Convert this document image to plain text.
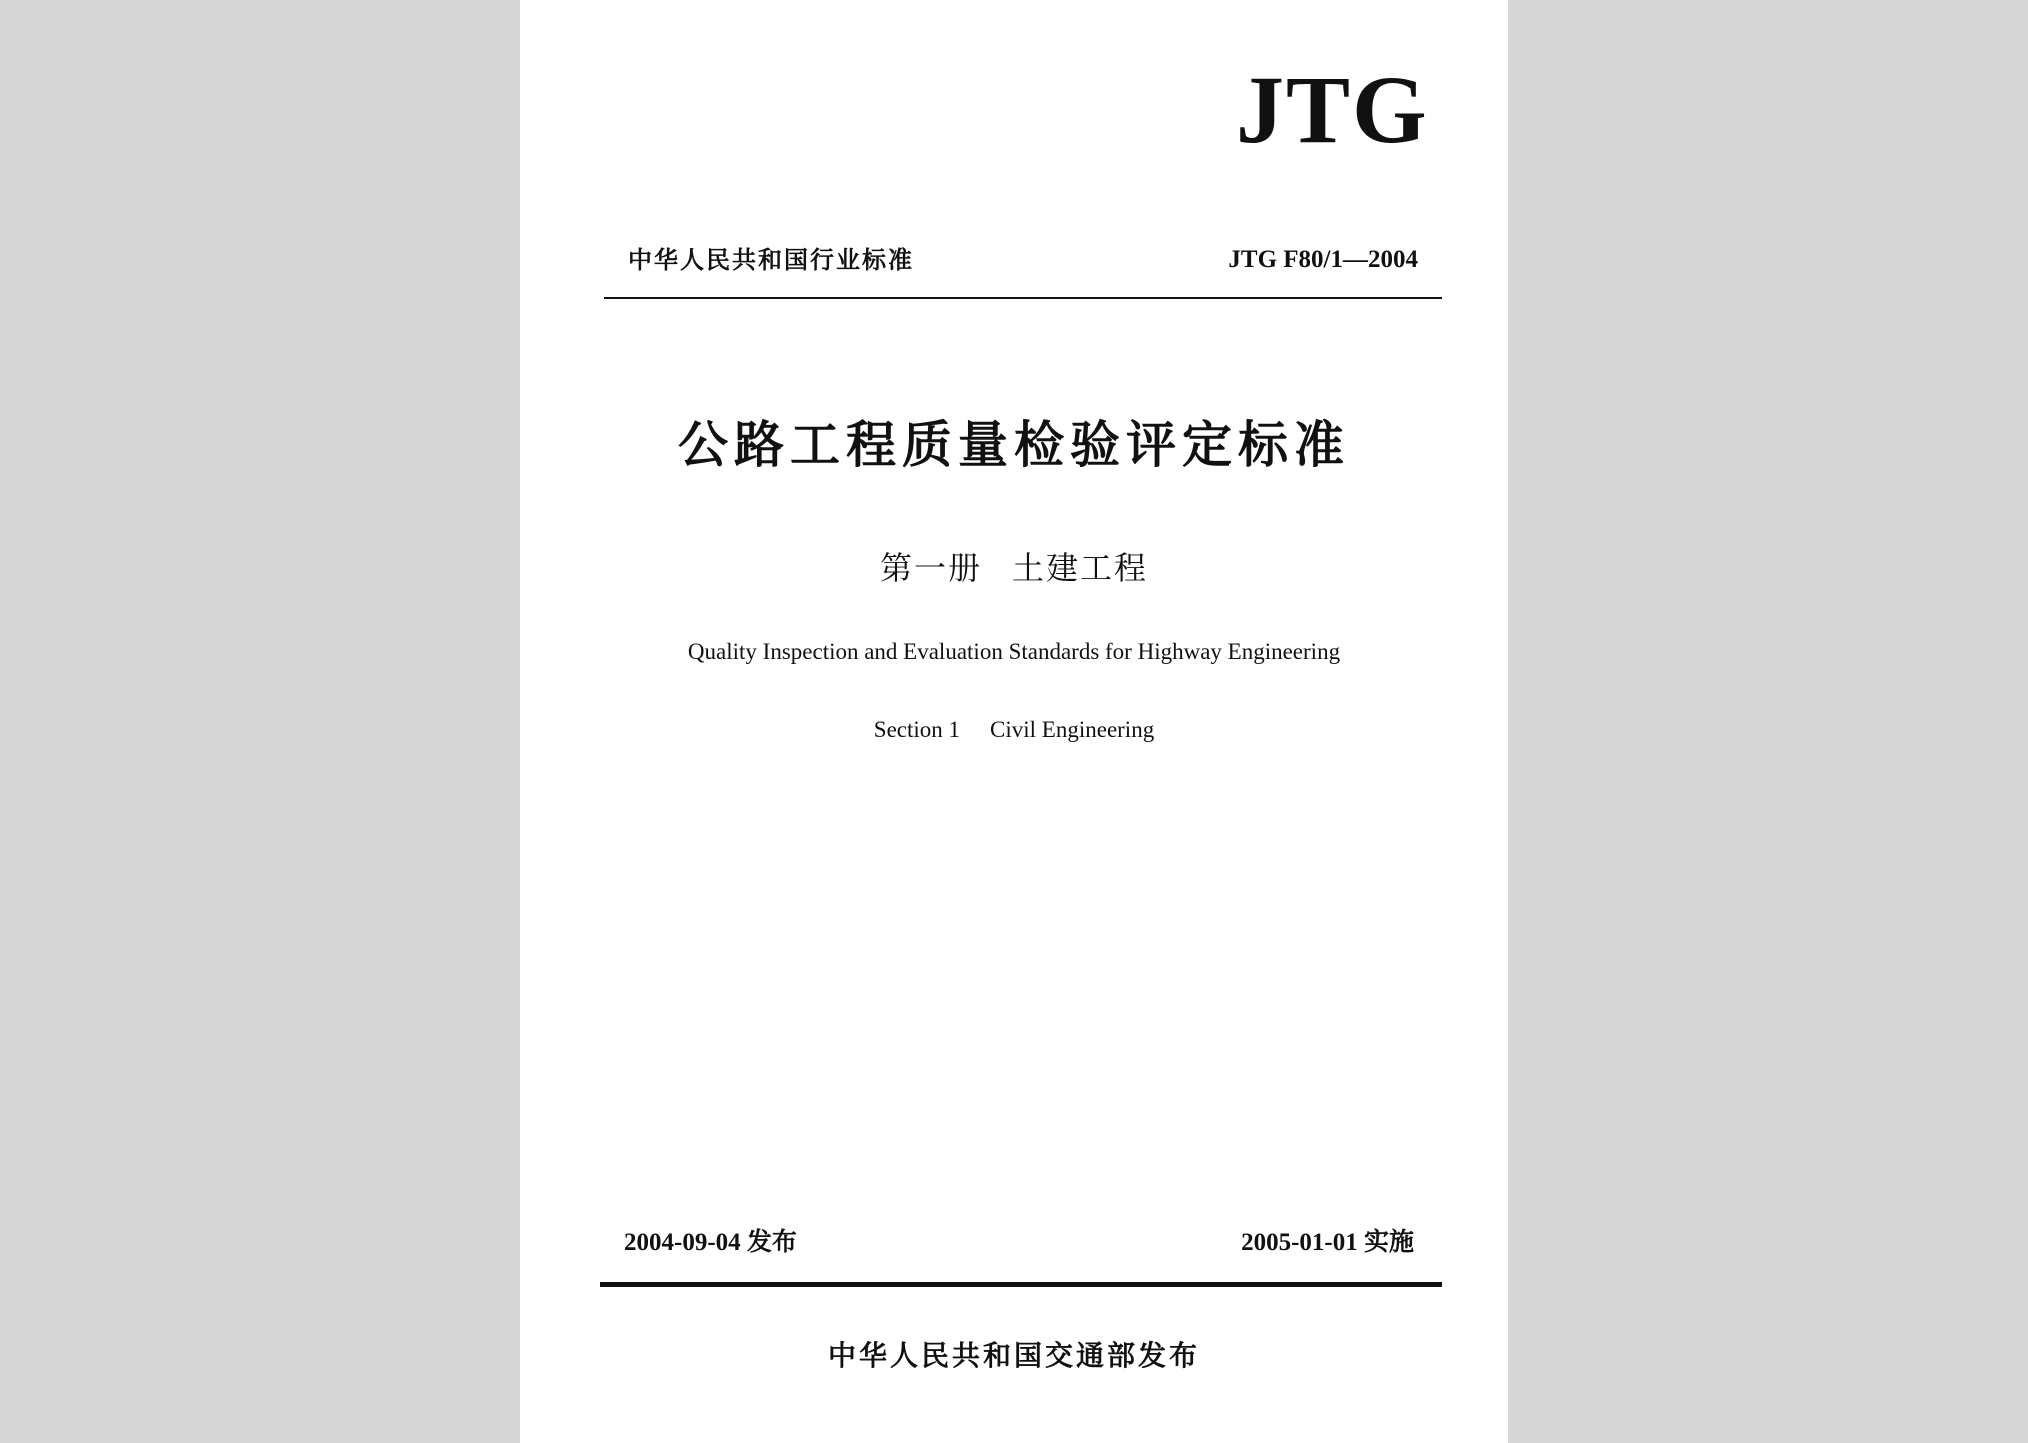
JTG
中华人民共和国行业标准	JTG F80/1—2004
公路工程质量检验评定标准
第一册 土建工程
Quality Inspection and Evaluation Standards for Highway Engineering
Section 1 Civil Engineering
2004-09-04 发布	2005-01-01 实施
中华人民共和国交通部发布
